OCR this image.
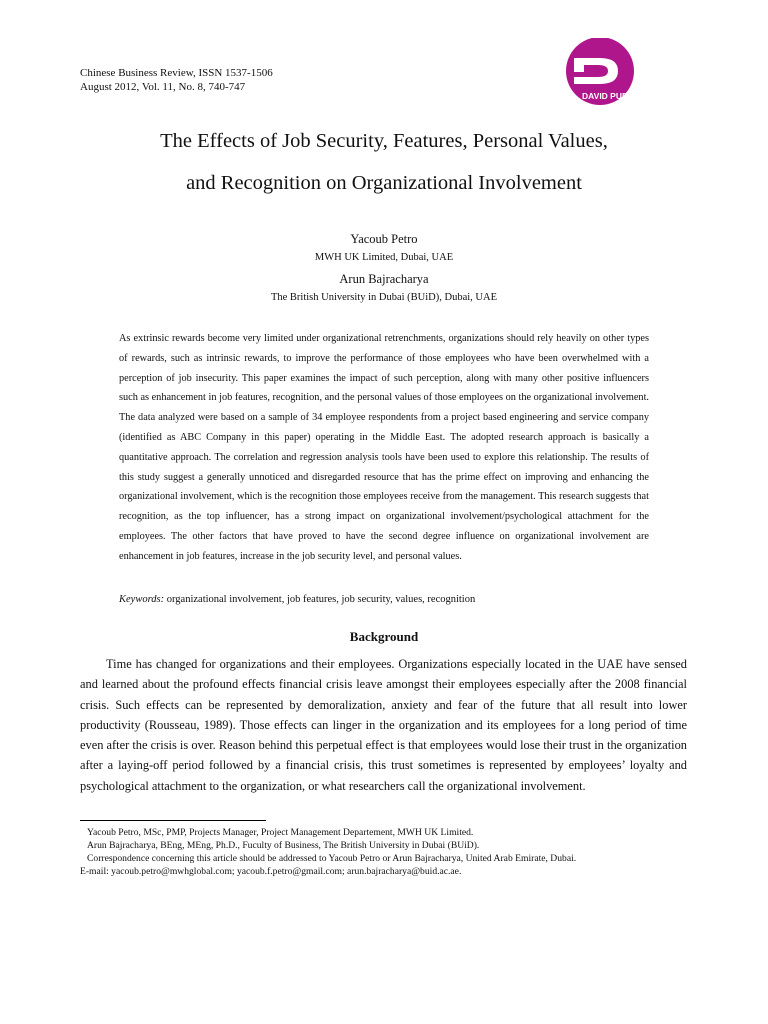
Chinese Business Review, ISSN 1537-1506
August 2012, Vol. 11, No. 8, 740-747
DAVID PUBLISHING
The Effects of Job Security, Features, Personal Values,
and Recognition on Organizational Involvement
Yacoub Petro
MWH UK Limited, Dubai, UAE
Arun Bajracharya
The British University in Dubai (BUiD), Dubai, UAE

As extrinsic rewards become very limited under organizational retrenchments, organizations should rely heavily on other types of rewards, such as intrinsic rewards, to improve the performance of those employees who have been overwhelmed with a perception of job insecurity. This paper examines the impact of such perception, along with many other positive influencers such as enhancement in job features, recognition, and the personal values of those employees on the organizational involvement. The data analyzed were based on a sample of 34 employee respondents from a project based engineering and service company (identified as ABC Company in this paper) operating in the Middle East. The adopted research approach is basically a quantitative approach. The correlation and regression analysis tools have been used to explore this relationship. The results of this study suggest a generally unnoticed and disregarded resource that has the prime effect on improving and enhancing the organizational involvement, which is the recognition those employees receive from the management. This research suggests that recognition, as the top influencer, has a strong impact on organizational involvement/psychological attachment for the employees. The other factors that have proved to have the second degree influence on organizational involvement are enhancement in job features, increase in the job security level, and personal values.

Keywords: organizational involvement, job features, job security, values, recognition
Background

Time has changed for organizations and their employees. Organizations especially located in the UAE have sensed and learned about the profound effects financial crisis leave amongst their employees especially after the 2008 financial crisis. Such effects can be represented by demoralization, anxiety and fear of the future that all result into lower productivity (Rousseau, 1989). Those effects can linger in the organization and its employees for a long period of time even after the crisis is over. Reason behind this perpetual effect is that employees would lose their trust in the organization after a laying-off period followed by a financial crisis, this trust sometimes is represented by employees’ loyalty and psychological attachment to the organization, or what researchers call the organizational involvement.

Yacoub Petro, MSc, PMP, Projects Manager, Project Management Departement, MWH UK Limited.
Arun Bajracharya, BEng, MEng, Ph.D., Fuculty of Business, The British University in Dubai (BUiD).
Correspondence concerning this article should be addressed to Yacoub Petro or Arun Bajracharya, United Arab Emirate, Dubai.
E-mail: yacoub.petro@mwhglobal.com; yacoub.f.petro@gmail.com; arun.bajracharya@buid.ac.ae.
